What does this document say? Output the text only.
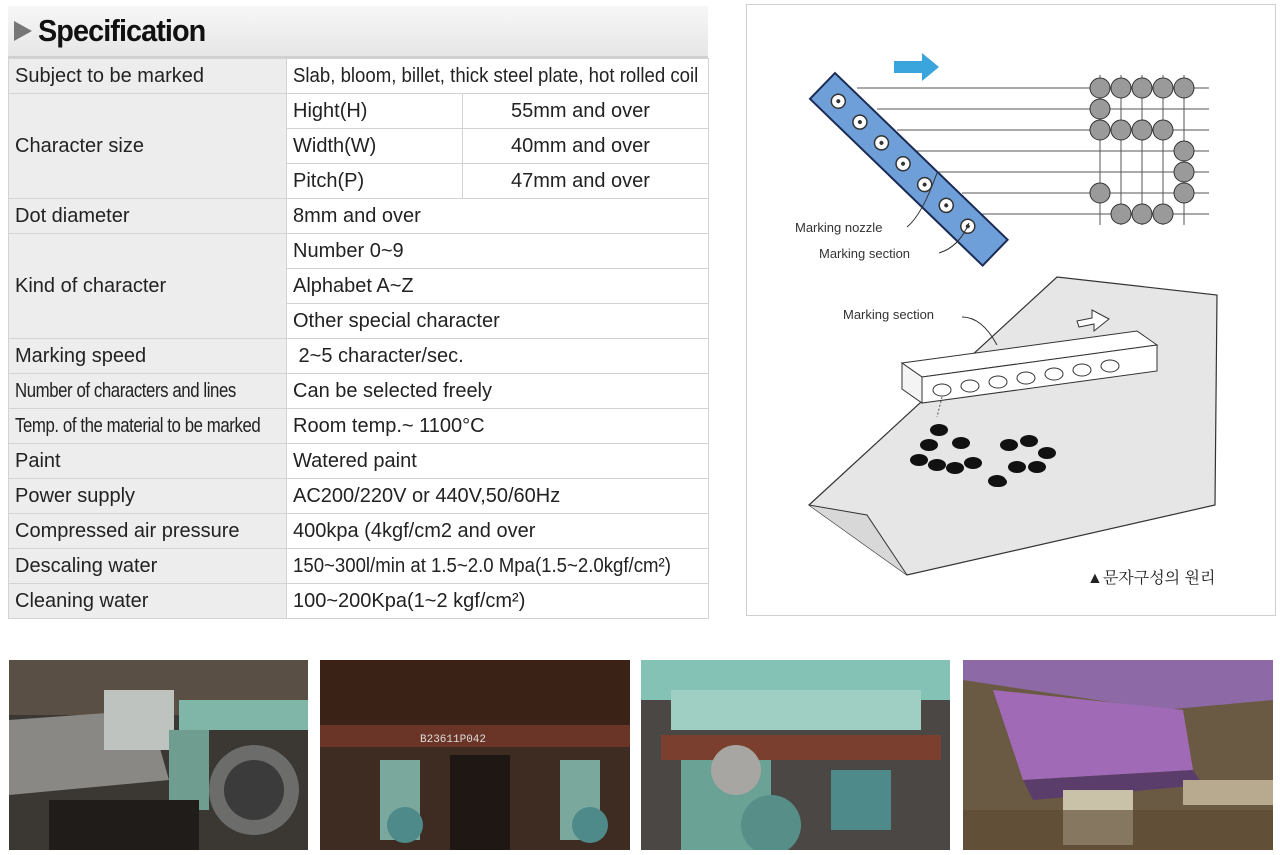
Specification
Subject to be marked	Slab, bloom, billet, thick steel plate, hot rolled coil	
Character size	Hight(H)	55mm and over
	Width(W)	40mm and over
	Pitch(P)	47mm and over
Dot diameter	8mm and over	
Kind of character	Number 0~9	
	Alphabet A~Z	
	Other special character	
Marking speed	2~5 character/sec.	
Number of characters and lines	Can be selected freely	
Temp. of the material to be marked	Room temp.~ 1100°C	
Paint	Watered paint	
Power supply	AC200/220V or 440V,50/60Hz	
Compressed air pressure	400kpa (4kgf/cm2 and over	
Descaling water	150~300l/min at 1.5~2.0 Mpa(1.5~2.0kgf/cm²)	
Cleaning water	100~200Kpa(1~2 kgf/cm²)	
Marking nozzle
Marking section
Marking section
▲문자구성의 원리
B23611P042
